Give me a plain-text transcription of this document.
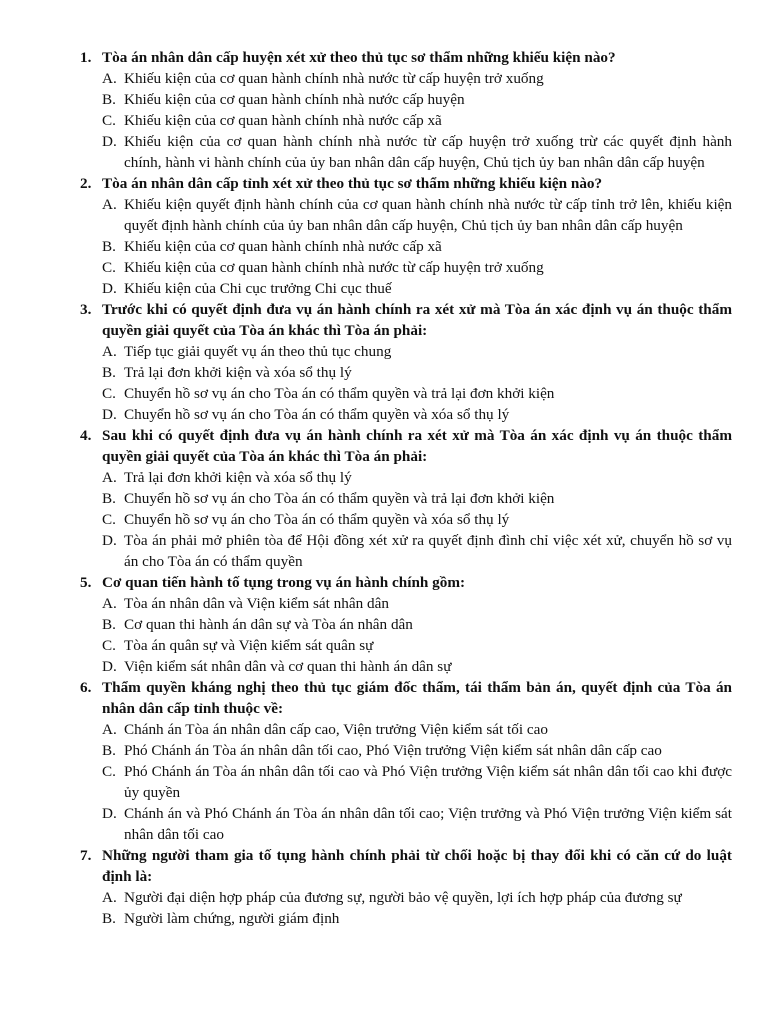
1. Tòa án nhân dân cấp huyện xét xử theo thủ tục sơ thẩm những khiếu kiện nào?
A. Khiếu kiện của cơ quan hành chính nhà nước từ cấp huyện trở xuống
B. Khiếu kiện của cơ quan hành chính nhà nước cấp huyện
C. Khiếu kiện của cơ quan hành chính nhà nước cấp xã
D. Khiếu kiện của cơ quan hành chính nhà nước từ cấp huyện trở xuống trừ các quyết định hành chính, hành vi hành chính của ủy ban nhân dân cấp huyện, Chủ tịch ủy ban nhân dân cấp huyện
2. Tòa án nhân dân cấp tỉnh xét xử theo thủ tục sơ thẩm những khiếu kiện nào?
A. Khiếu kiện quyết định hành chính của cơ quan hành chính nhà nước từ cấp tỉnh trở lên, khiếu kiện quyết định hành chính của ủy ban nhân dân cấp huyện, Chủ tịch ủy ban nhân dân cấp huyện
B. Khiếu kiện của cơ quan hành chính nhà nước cấp xã
C. Khiếu kiện của cơ quan hành chính nhà nước từ cấp huyện trở xuống
D. Khiếu kiện của Chi cục trưởng Chi cục thuế
3. Trước khi có quyết định đưa vụ án hành chính ra xét xử mà Tòa án xác định vụ án thuộc thẩm quyền giải quyết của Tòa án khác thì Tòa án phải:
A. Tiếp tục giải quyết vụ án theo thủ tục chung
B. Trả lại đơn khởi kiện và xóa sổ thụ lý
C. Chuyển hồ sơ vụ án cho Tòa án có thẩm quyền và trả lại đơn khởi kiện
D. Chuyển hồ sơ vụ án cho Tòa án có thẩm quyền và xóa sổ thụ lý
4. Sau khi có quyết định đưa vụ án hành chính ra xét xử mà Tòa án xác định vụ án thuộc thẩm quyền giải quyết của Tòa án khác thì Tòa án phải:
A. Trả lại đơn khởi kiện và xóa sổ thụ lý
B. Chuyển hồ sơ vụ án cho Tòa án có thẩm quyền và trả lại đơn khởi kiện
C. Chuyển hồ sơ vụ án cho Tòa án có thẩm quyền và xóa sổ thụ lý
D. Tòa án phải mở phiên tòa để Hội đồng xét xử ra quyết định đình chỉ việc xét xử, chuyển hồ sơ vụ án cho Tòa án có thẩm quyền
5. Cơ quan tiến hành tố tụng trong vụ án hành chính gồm:
A. Tòa án nhân dân và Viện kiểm sát nhân dân
B. Cơ quan thi hành án dân sự và Tòa án nhân dân
C. Tòa án quân sự và Viện kiểm sát quân sự
D. Viện kiểm sát nhân dân và cơ quan thi hành án dân sự
6. Thẩm quyền kháng nghị theo thủ tục giám đốc thẩm, tái thẩm bản án, quyết định của Tòa án nhân dân cấp tỉnh thuộc về:
A. Chánh án Tòa án nhân dân cấp cao, Viện trưởng Viện kiểm sát tối cao
B. Phó Chánh án Tòa án nhân dân tối cao, Phó Viện trưởng Viện kiểm sát nhân dân cấp cao
C. Phó Chánh án Tòa án nhân dân tối cao và Phó Viện trưởng Viện kiểm sát nhân dân tối cao khi được ủy quyền
D. Chánh án và Phó Chánh án Tòa án nhân dân tối cao; Viện trưởng và Phó Viện trưởng Viện kiểm sát nhân dân tối cao
7. Những người tham gia tố tụng hành chính phải từ chối hoặc bị thay đổi khi có căn cứ do luật định là:
A. Người đại diện hợp pháp của đương sự, người bảo vệ quyền, lợi ích hợp pháp của đương sự
B. Người làm chứng, người giám định
